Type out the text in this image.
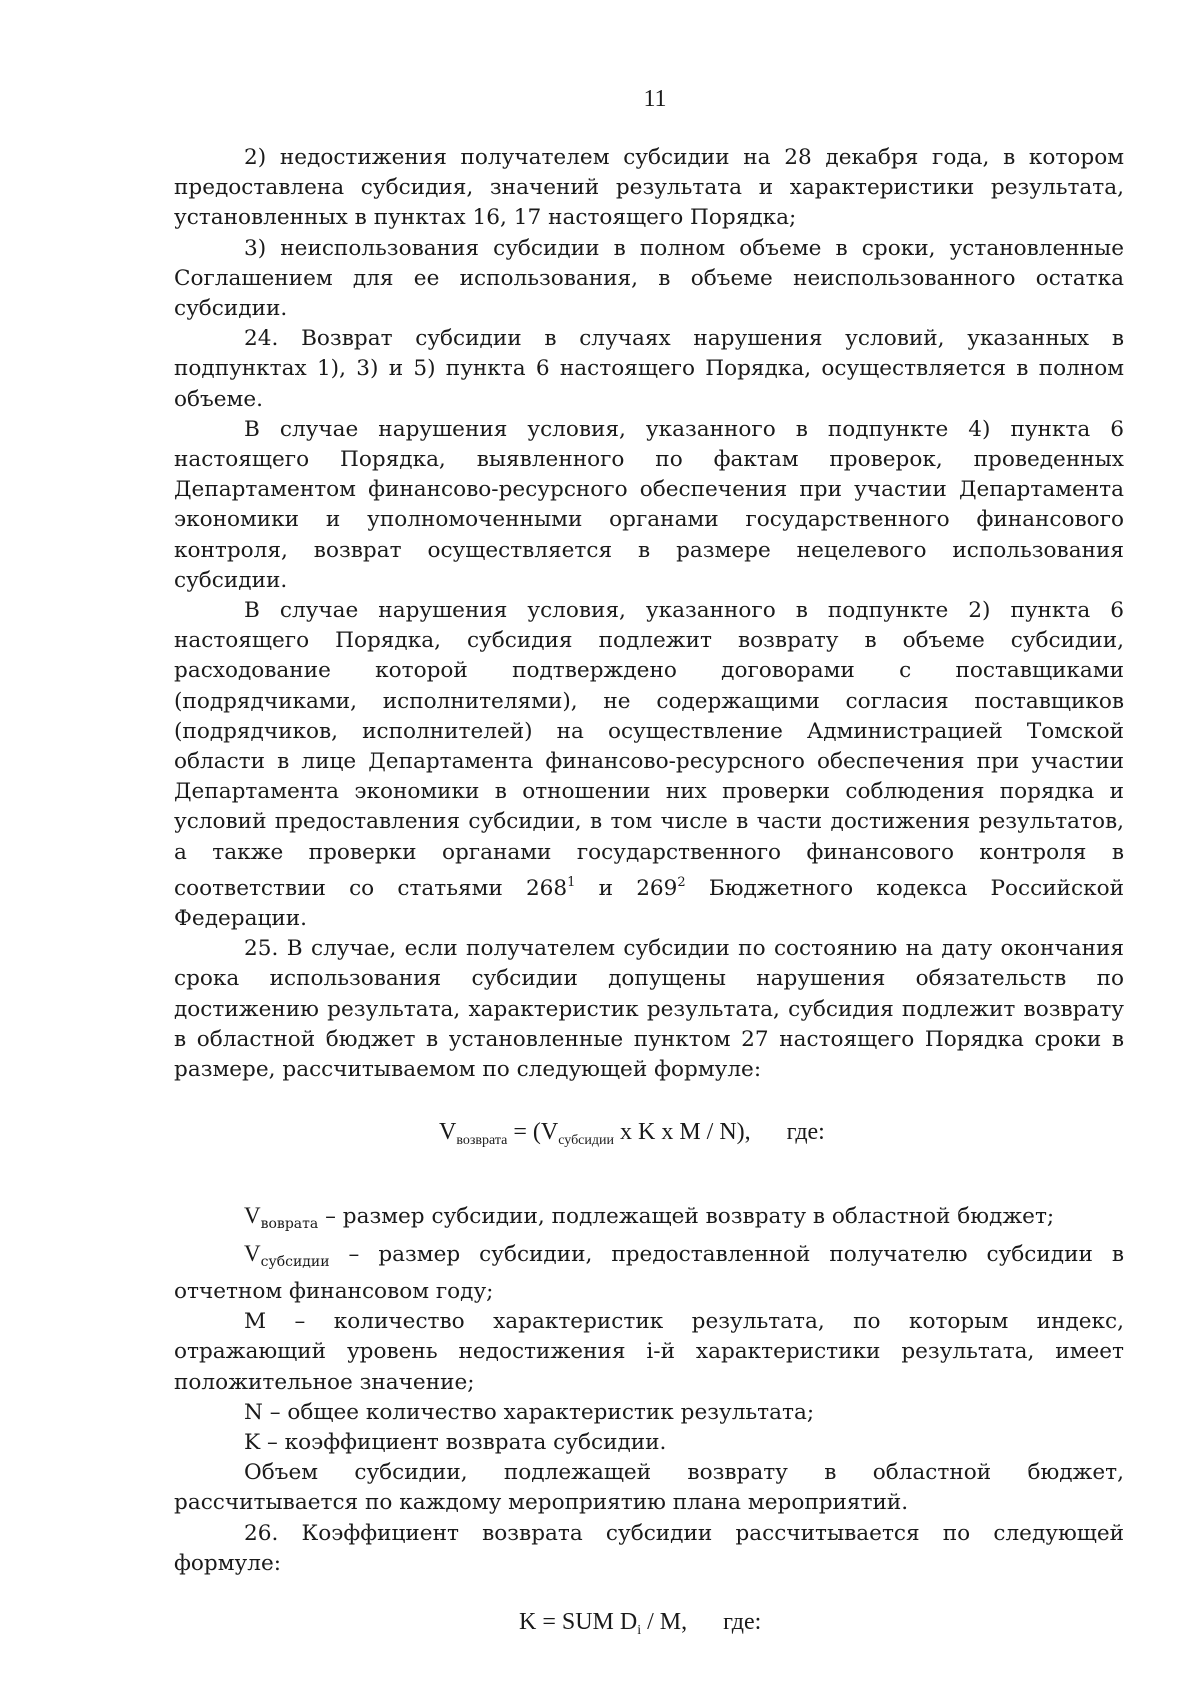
11

2) недостижения получателем субсидии на 28 декабря года, в котором предоставлена субсидия, значений результата и характеристики результата, установленных в пунктах 16, 17 настоящего Порядка;

3) неиспользования субсидии в полном объеме в сроки, установленные Соглашением для ее использования, в объеме неиспользованного остатка субсидии.

24. Возврат субсидии в случаях нарушения условий, указанных в подпунктах 1), 3) и 5) пункта 6 настоящего Порядка, осуществляется в полном объеме.

В случае нарушения условия, указанного в подпункте 4) пункта 6 настоящего Порядка, выявленного по фактам проверок, проведенных Департаментом финансово-ресурсного обеспечения при участии Департамента экономики и уполномоченными органами государственного финансового контроля, возврат осуществляется в размере нецелевого использования субсидии.

В случае нарушения условия, указанного в подпункте 2) пункта 6 настоящего Порядка, субсидия подлежит возврату в объеме субсидии, расходование которой подтверждено договорами с поставщиками (подрядчиками, исполнителями), не содержащими согласия поставщиков (подрядчиков, исполнителей) на осуществление Администрацией Томской области в лице Департамента финансово-ресурсного обеспечения при участии Департамента экономики в отношении них проверки соблюдения порядка и условий предоставления субсидии, в том числе в части достижения результатов, а также проверки органами государственного финансового контроля в соответствии со статьями $268^1$ и $269^2$ Бюджетного кодекса Российской Федерации.

25. В случае, если получателем субсидии по состоянию на дату окончания срока использования субсидии допущены нарушения обязательств по достижению результата, характеристик результата, субсидия подлежит возврату в областной бюджет в установленные пунктом 27 настоящего Порядка сроки в размере, рассчитываемом по следующей формуле:

$V_{возврата} = (V_{субсидии}$ x K x M / N), где:

$V_{воврата}$ – размер субсидии, подлежащей возврату в областной бюджет;

$V_{субсидии}$ – размер субсидии, предоставленной получателю субсидии в отчетном финансовом году;

M – количество характеристик результата, по которым индекс, отражающий уровень недостижения i-й характеристики результата, имеет положительное значение;

N – общее количество характеристик результата;

K – коэффициент возврата субсидии.

Объем субсидии, подлежащей возврату в областной бюджет, рассчитывается по каждому мероприятию плана мероприятий.

26. Коэффициент возврата субсидии рассчитывается по следующей формуле:

K = SUM $D_i$ / M, где:
